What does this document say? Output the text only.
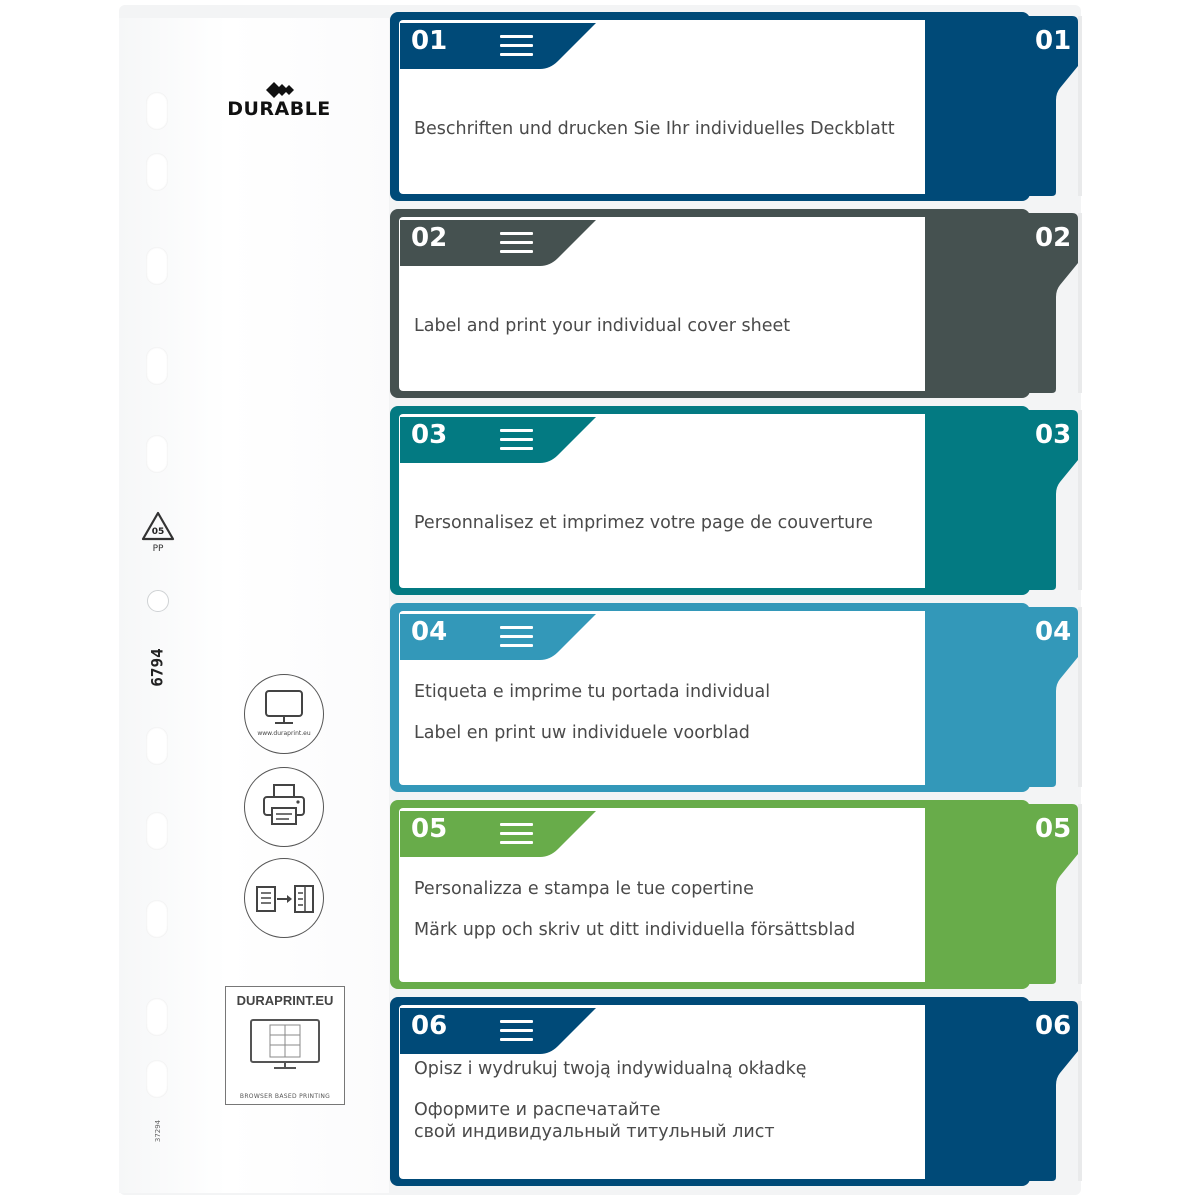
DURABLE
05
PP
6794
37294
www.duraprint.eu
DURAPRINT.EU
BROWSER BASED PRINTING
01	01
Beschriften und drucken Sie Ihr individuelles Deckblatt
02	02
Label and print your individual cover sheet
03	03
Personnalisez et imprimez votre page de couverture
04	04
Etiqueta e imprime tu portada individual
Label en print uw individuele voorblad
05	05
Personalizza e stampa le tue copertine
Märk upp och skriv ut ditt individuella försättsblad
06	06
Opisz i wydrukuj twoją indywidualną okładkę
Оформите и распечатайте
свой индивидуальный титульный лист
